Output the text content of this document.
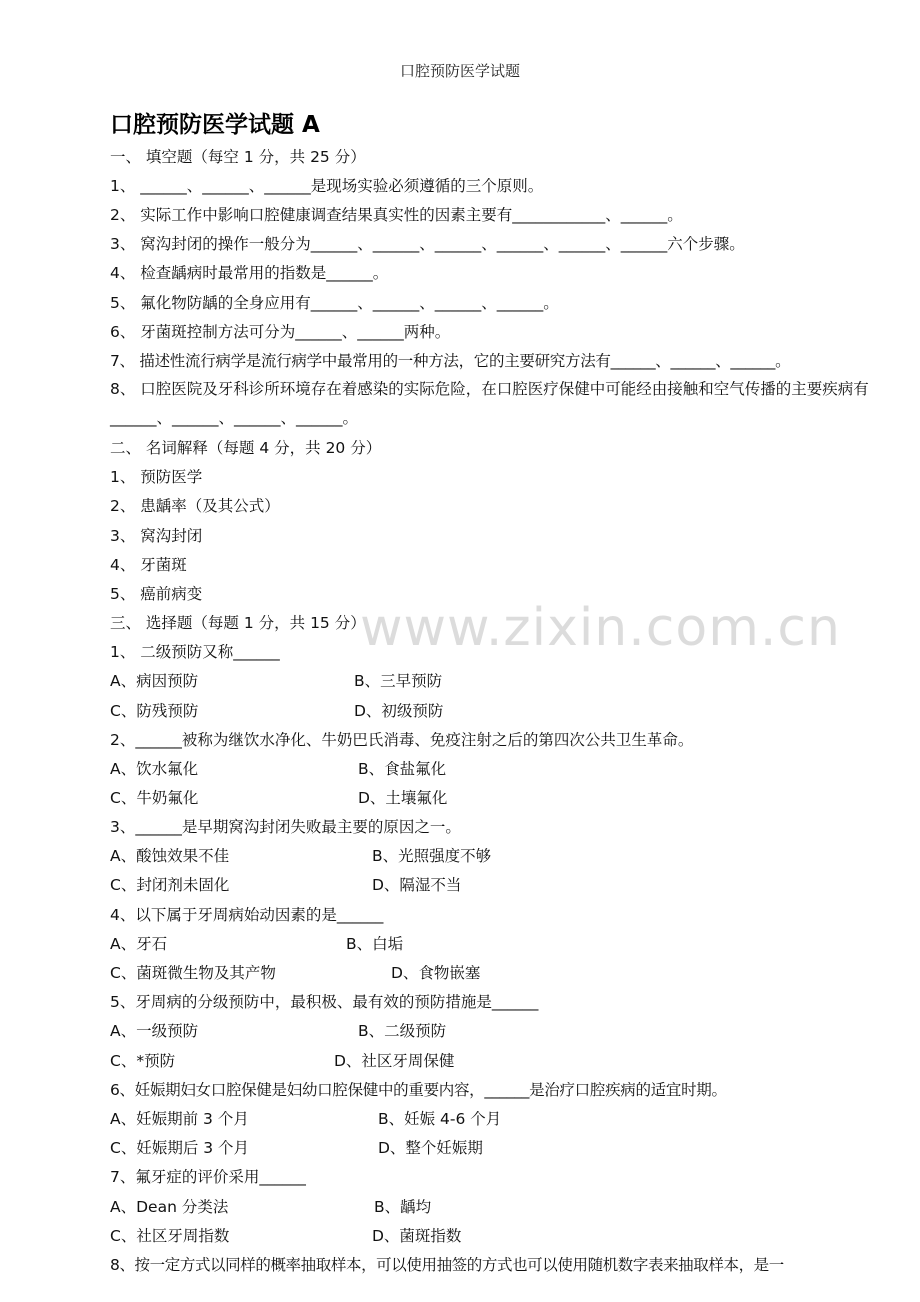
口腔预防医学试题
口腔预防医学试题 A
一、 填空题（每空 1 分，共 25 分）
1、 ______、______、______是现场实验必须遵循的三个原则。
2、 实际工作中影响口腔健康调查结果真实性的因素主要有____________、______。
3、 窝沟封闭的操作一般分为______、______、______、______、______、______六个步骤。
4、 检查龋病时最常用的指数是______。
5、 氟化物防龋的全身应用有______、______、______、______。
6、 牙菌斑控制方法可分为______、______两种。
7、 描述性流行病学是流行病学中最常用的一种方法，它的主要研究方法有______、______、______。
8、 口腔医院及牙科诊所环境存在着感染的实际危险，在口腔医疗保健中可能经由接触和空气传播的主要疾病有______、______、______、______。
二、 名词解释（每题 4 分，共 20 分）
1、 预防医学
2、 患龋率（及其公式）
3、 窝沟封闭
4、 牙菌斑
5、 癌前病变
三、 选择题（每题 1 分，共 15 分）
1、 二级预防又称______
A、病因预防	B、三早预防
C、防残预防	D、初级预防
2、______被称为继饮水净化、牛奶巴氏消毒、免疫注射之后的第四次公共卫生革命。
A、饮水氟化	B、食盐氟化
C、牛奶氟化	D、土壤氟化
3、______是早期窝沟封闭失败最主要的原因之一。
A、酸蚀效果不佳	B、光照强度不够
C、封闭剂未固化	D、隔湿不当
4、以下属于牙周病始动因素的是______
A、牙石	B、白垢
C、菌斑微生物及其产物	D、食物嵌塞
5、牙周病的分级预防中，最积极、最有效的预防措施是______
A、一级预防	B、二级预防
C、*预防	D、社区牙周保健
6、妊娠期妇女口腔保健是妇幼口腔保健中的重要内容，______是治疗口腔疾病的适宜时期。
A、妊娠期前 3 个月	B、妊娠 4-6 个月
C、妊娠期后 3 个月	D、整个妊娠期
7、氟牙症的评价采用______
A、Dean 分类法	B、龋均
C、社区牙周指数	D、菌斑指数
8、按一定方式以同样的概率抽取样本，可以使用抽签的方式也可以使用随机数字表来抽取样本，是一
www.zixin.com.cn
